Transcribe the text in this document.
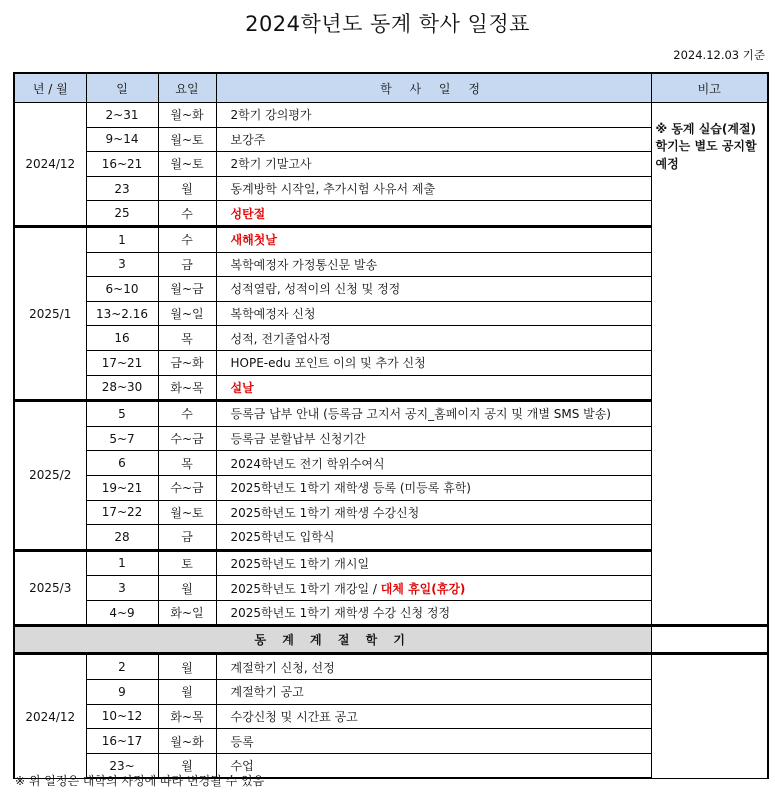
2024학년도 동계 학사 일정표
2024.12.03 기준
년 / 월	일	요일	학 사 일 정	비고
2024/12	2~31	월~화	2학기 강의평가	※ 동계 실습(계절)학기는 별도 공지할 예정
	9~14	월~토	보강주	
	16~21	월~토	2학기 기말고사	
	23	월	동계방학 시작일, 추가시험 사유서 제출	
	25	수	성탄절	
2025/1	1	수	새해첫날	
	3	금	복학예정자 가정통신문 발송	
	6~10	월~금	성적열람, 성적이의 신청 및 정정	
	13~2.16	월~일	복학예정자 신청	
	16	목	성적, 전기졸업사정	
	17~21	금~화	HOPE-edu 포인트 이의 및 추가 신청	
	28~30	화~목	설날	
2025/2	5	수	등록금 납부 안내 (등록금 고지서 공지_홈페이지 공지 및 개별 SMS 발송)	
	5~7	수~금	등록금 분할납부 신청기간	
	6	목	2024학년도 전기 학위수여식	
	19~21	수~금	2025학년도 1학기 재학생 등록 (미등록 휴학)	
	17~22	월~토	2025학년도 1학기 재학생 수강신청	
	28	금	2025학년도 입학식	
2025/3	1	토	2025학년도 1학기 개시일	
	3	월	2025학년도 1학기 개강일 / 대체 휴일(휴강)	
	4~9	화~일	2025학년도 1학기 재학생 수강 신청 정정	
동 계 계 절 학 기				
2024/12	2	월	계절학기 신청, 선정	
	9	월	계절학기 공고	
	10~12	화~목	수강신청 및 시간표 공고	
	16~17	월~화	등록	
	23~	월	수업	
※ 위 일정은 대학의 사정에 따라 변경될 수 있음
